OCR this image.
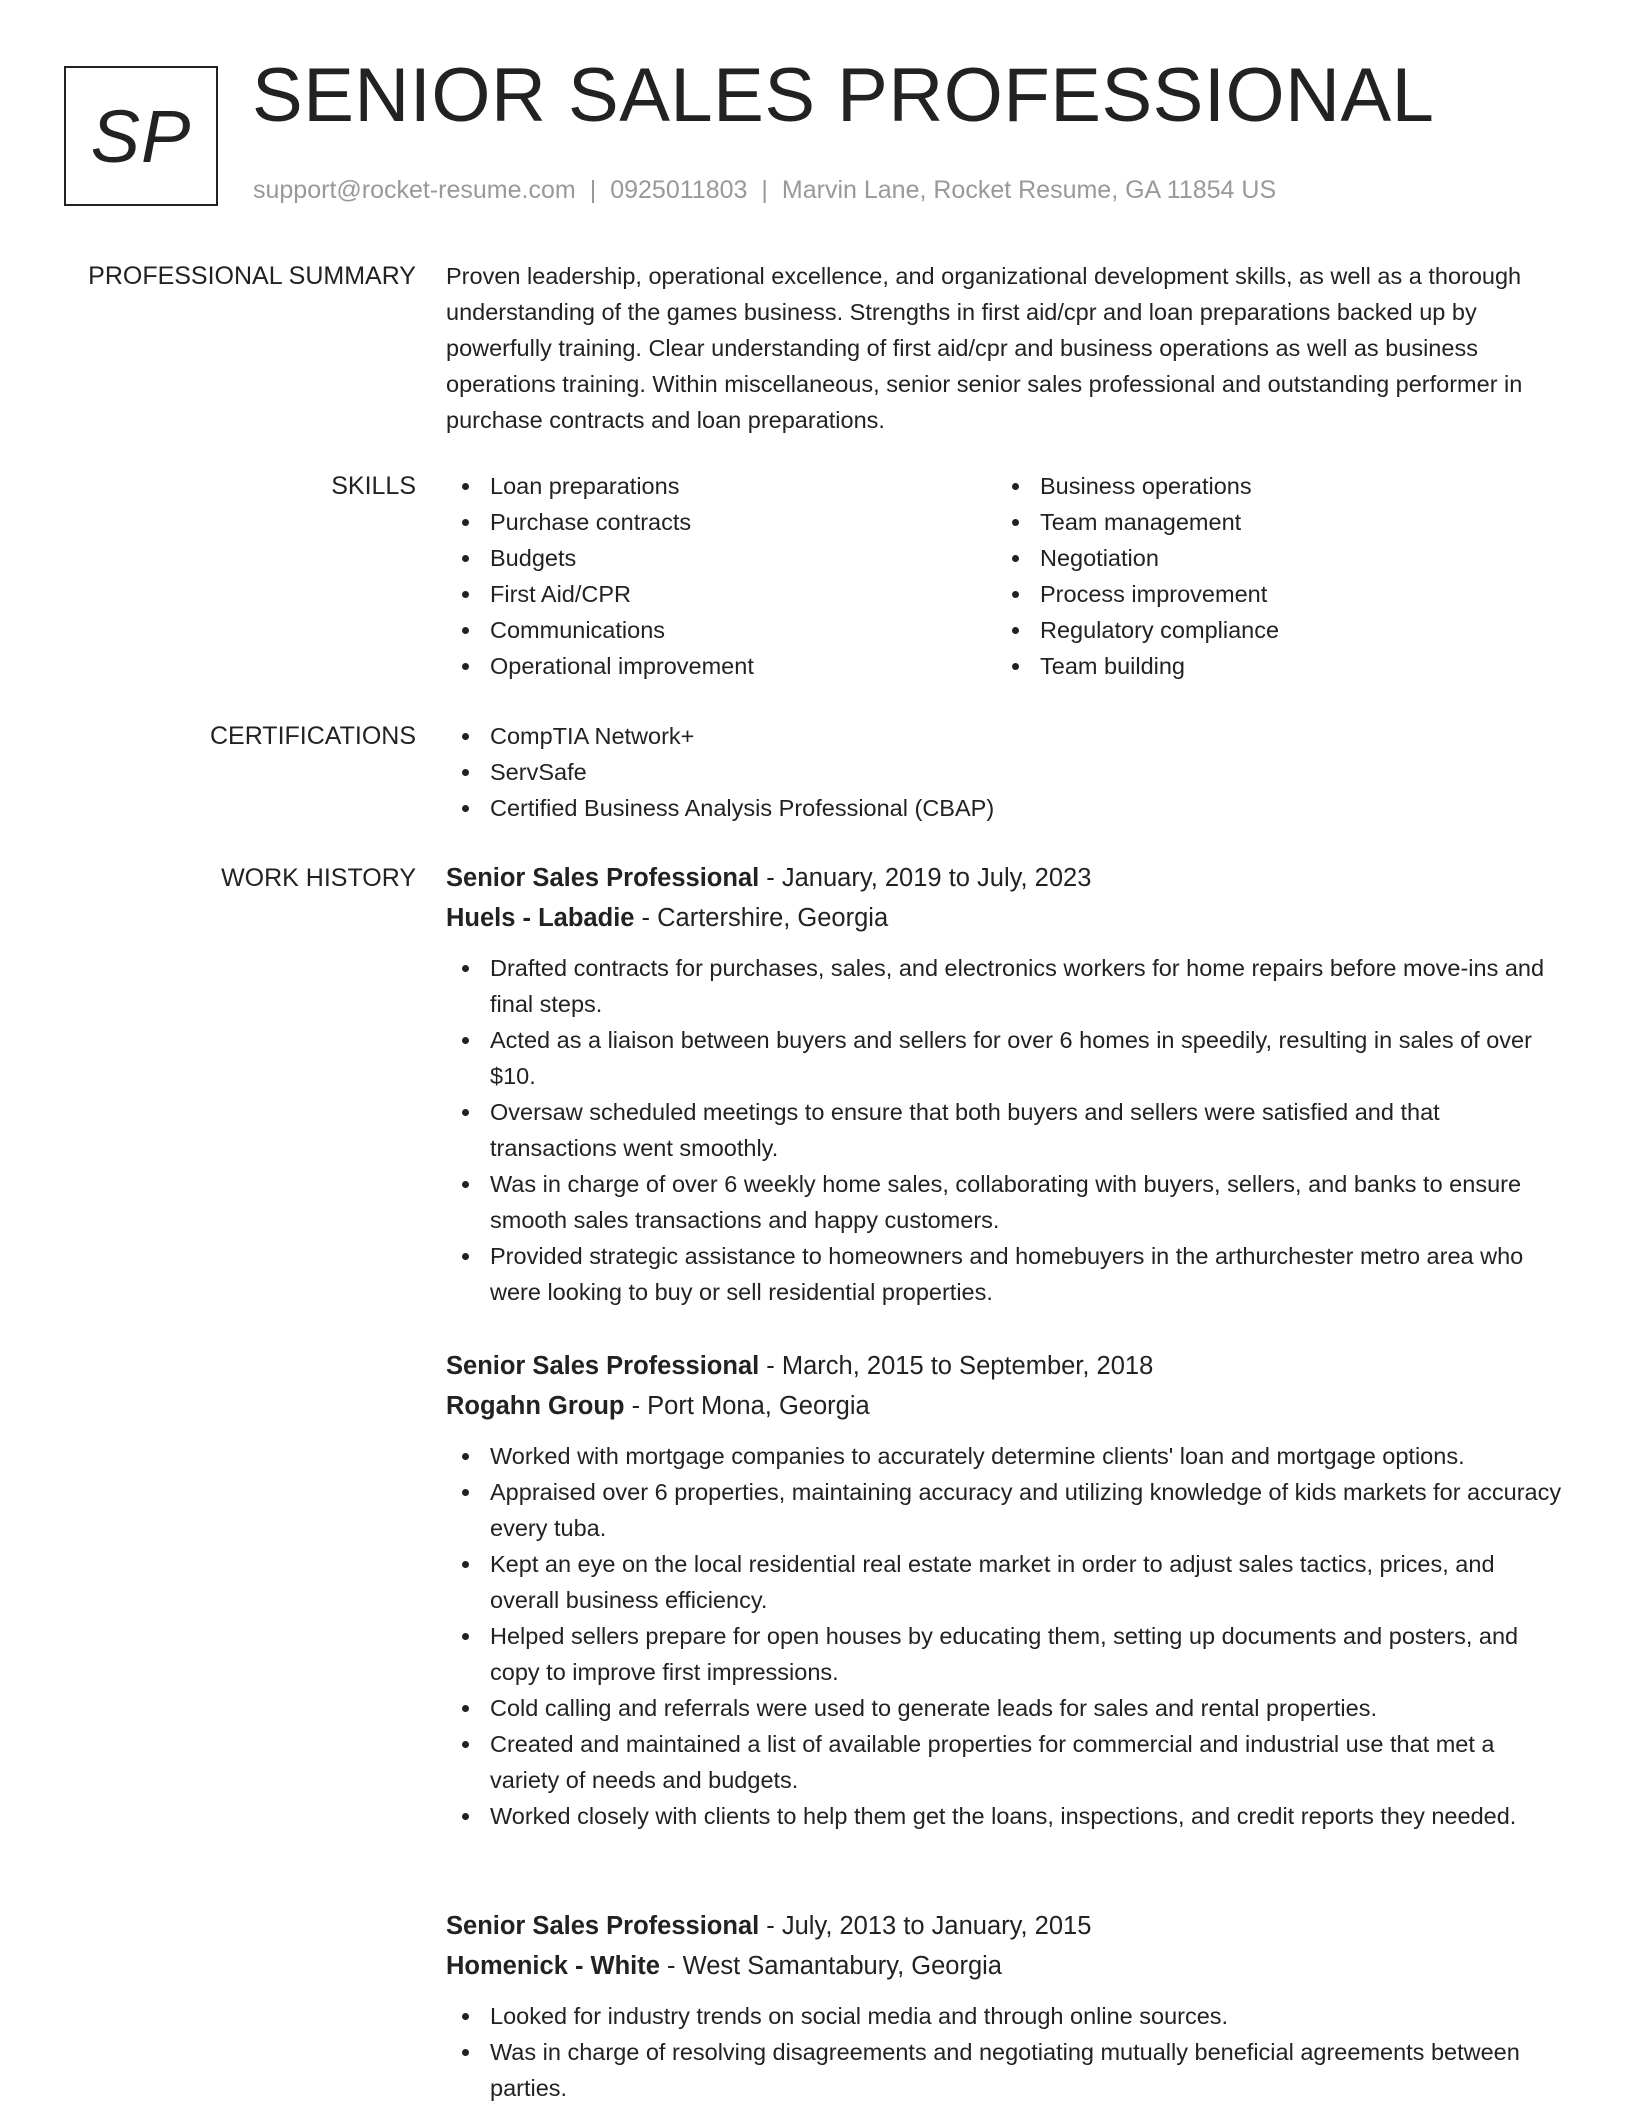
SP SENIOR SALES PROFESSIONAL
support@rocket-resume.com | 0925011803 | Marvin Lane, Rocket Resume, GA 11854 US
PROFESSIONAL SUMMARY Proven leadership, operational excellence, and organizational development skills, as well as a thorough understanding of the games business. Strengths in first aid/cpr and loan preparations backed up by powerfully training. Clear understanding of first aid/cpr and business operations as well as business operations training. Within miscellaneous, senior senior sales professional and outstanding performer in purchase contracts and loan preparations.

SKILLS	Loan preparations
Purchase contracts
Budgets
First Aid/CPR
Communications
Operational improvement
Business operations
Team management
Negotiation
Process improvement
Regulatory compliance
Team building
CERTIFICATIONS	CompTIA Network+
ServSafe
Certified Business Analysis Professional (CBAP)
WORK HISTORY Senior Sales Professional - January, 2019 to July, 2023
Huels - Labadie - Cartershire, Georgia
Drafted contracts for purchases, sales, and electronics workers for home repairs before move-ins and final steps.
Acted as a liaison between buyers and sellers for over 6 homes in speedily, resulting in sales of over $10.
Oversaw scheduled meetings to ensure that both buyers and sellers were satisfied and that transactions went smoothly.
Was in charge of over 6 weekly home sales, collaborating with buyers, sellers, and banks to ensure smooth sales transactions and happy customers.
Provided strategic assistance to homeowners and homebuyers in the arthurchester metro area who were looking to buy or sell residential properties.
Senior Sales Professional - March, 2015 to September, 2018
Rogahn Group - Port Mona, Georgia
Worked with mortgage companies to accurately determine clients' loan and mortgage options.
Appraised over 6 properties, maintaining accuracy and utilizing knowledge of kids markets for accuracy every tuba.
Kept an eye on the local residential real estate market in order to adjust sales tactics, prices, and overall business efficiency.
Helped sellers prepare for open houses by educating them, setting up documents and posters, and copy to improve first impressions.
Cold calling and referrals were used to generate leads for sales and rental properties.
Created and maintained a list of available properties for commercial and industrial use that met a variety of needs and budgets.
Worked closely with clients to help them get the loans, inspections, and credit reports they needed.
Senior Sales Professional - July, 2013 to January, 2015
Homenick - White - West Samantabury, Georgia
Looked for industry trends on social media and through online sources.
Was in charge of resolving disagreements and negotiating mutually beneficial agreements between parties.
